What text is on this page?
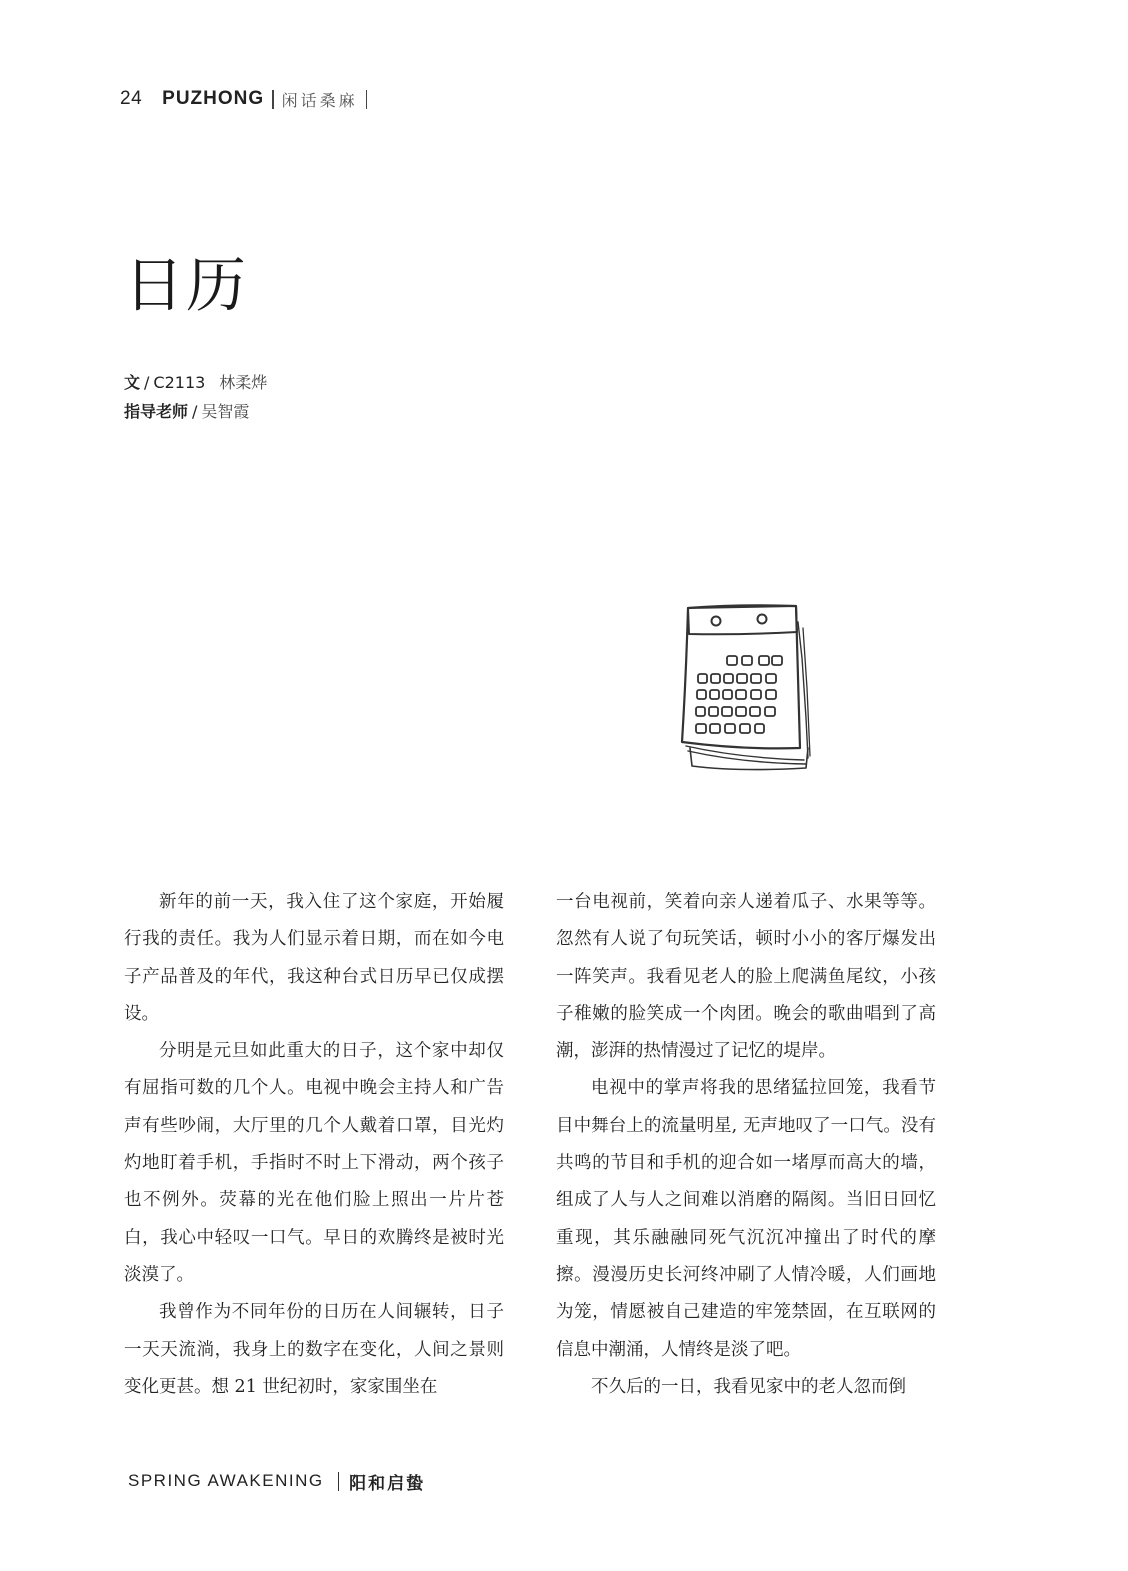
24 PUZHONG 闲话桑麻
日历
文 / C2113 林柔烨
指导老师 / 吴智霞

新年的前一天，我入住了这个家庭，开始履行我的责任。我为人们显示着日期，而在如今电子产品普及的年代，我这种台式日历早已仅成摆设。

分明是元旦如此重大的日子，这个家中却仅有屈指可数的几个人。电视中晚会主持人和广告声有些吵闹，大厅里的几个人戴着口罩，目光灼灼地盯着手机，手指时不时上下滑动，两个孩子也不例外。荧幕的光在他们脸上照出一片片苍白，我心中轻叹一口气。早日的欢腾终是被时光淡漠了。

我曾作为不同年份的日历在人间辗转，日子一天天流淌，我身上的数字在变化，人间之景则变化更甚。想 21 世纪初时，家家围坐在

一台电视前，笑着向亲人递着瓜子、水果等等。忽然有人说了句玩笑话，顿时小小的客厅爆发出一阵笑声。我看见老人的脸上爬满鱼尾纹，小孩子稚嫩的脸笑成一个肉团。晚会的歌曲唱到了高潮，澎湃的热情漫过了记忆的堤岸。

电视中的掌声将我的思绪猛拉回笼，我看节目中舞台上的流量明星, 无声地叹了一口气。没有共鸣的节目和手机的迎合如一堵厚而高大的墙，组成了人与人之间难以消磨的隔阂。当旧日回忆重现，其乐融融同死气沉沉冲撞出了时代的摩擦。漫漫历史长河终冲刷了人情冷暖，人们画地为笼，情愿被自己建造的牢笼禁固，在互联网的信息中潮涌，人情终是淡了吧。

不久后的一日，我看见家中的老人忽而倒

SPRING AWAKENING 阳和启蛰
